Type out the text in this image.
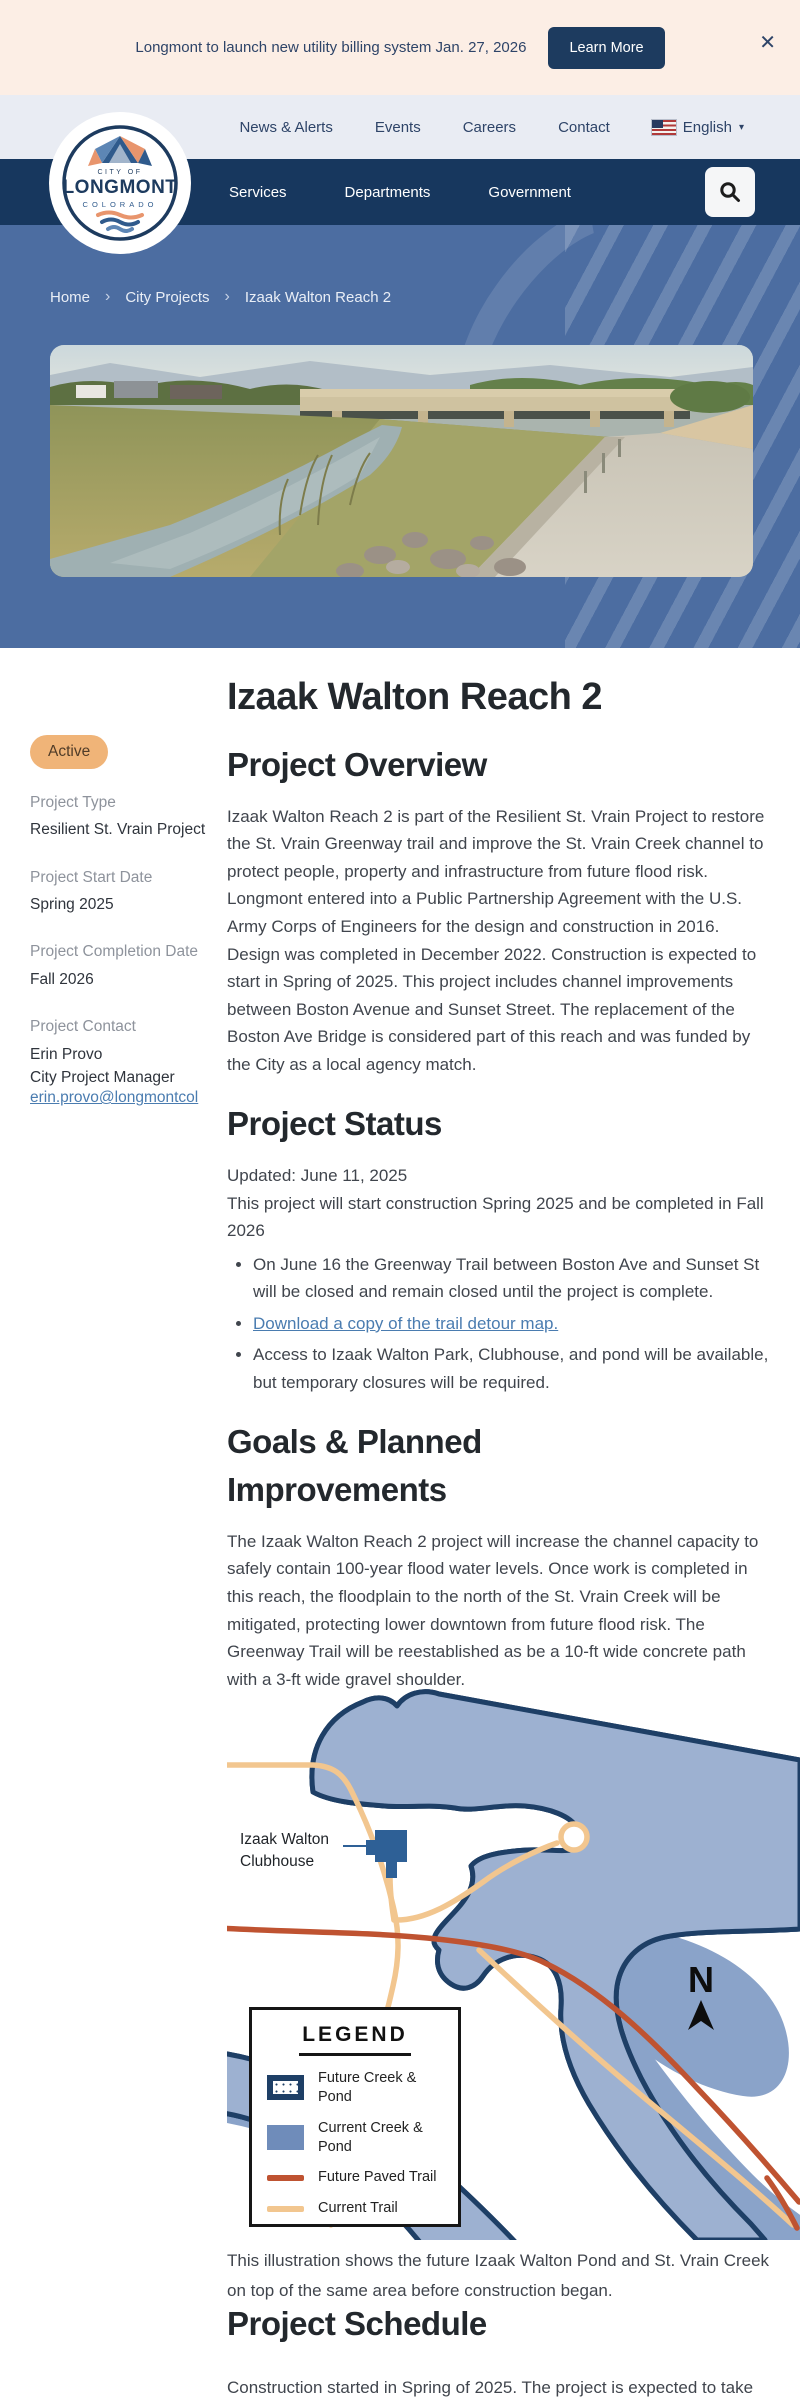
Longmont to launch new utility billing system Jan. 27, 2026	Learn More	✕
News & Alerts	Events	Careers	Contact	English ▾
Services	Departments	Government
CITY OF
LONGMONT
COLORADO
Home › City Projects › Izaak Walton Reach 2
Active
Project Type
Resilient St. Vrain Project
Project Start Date
Spring 2025
Project Completion Date
Fall 2026
Project Contact
Erin Provo
City Project Manager
erin.provo@longmontcol
Izaak Walton Reach 2
Project Overview

Izaak Walton Reach 2 is part of the Resilient St. Vrain Project to restore the St. Vrain Greenway trail and improve the St. Vrain Creek channel to protect people, property and infrastructure from future flood risk. Longmont entered into a Public Partnership Agreement with the U.S. Army Corps of Engineers for the design and construction in 2016. Design was completed in December 2022. Construction is expected to start in Spring of 2025. This project includes channel improvements between Boston Avenue and Sunset Street. The replacement of the Boston Ave Bridge is considered part of this reach and was funded by the City as a local agency match.

Project Status

Updated: June 11, 2025

This project will start construction Spring 2025 and be completed in Fall 2026

• On June 16 the Greenway Trail between Boston Ave and Sunset St will be closed and remain closed until the project is complete.
• Download a copy of the trail detour map.
• Access to Izaak Walton Park, Clubhouse, and pond will be available, but temporary closures will be required.
Goals & Planned Improvements

The Izaak Walton Reach 2 project will increase the channel capacity to safely contain 100-year flood water levels. Once work is completed in this reach, the floodplain to the north of the St. Vrain Creek will be mitigated, protecting lower downtown from future flood risk. The Greenway Trail will be reestablished as be a 10-ft wide concrete path with a 3-ft wide gravel shoulder.

Izaak Walton
Clubhouse
N
LEGEND
Future Creek & Pond
Current Creek & Pond
Future Paved Trail
Current Trail
This illustration shows the future Izaak Walton Pond and St. Vrain Creek
on top of the same area before construction began.
Project Schedule

Construction started in Spring of 2025. The project is expected to take
